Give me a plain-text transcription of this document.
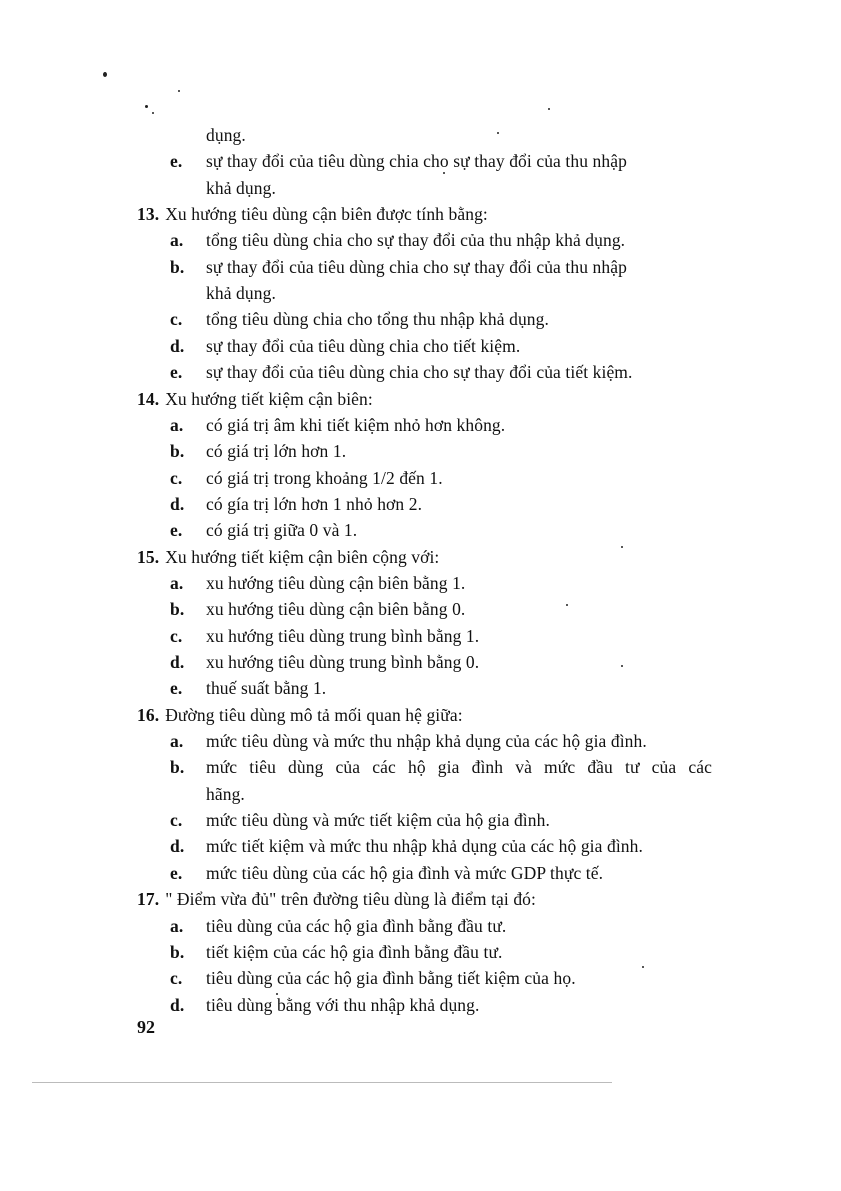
dụng.
e. sự thay đổi của tiêu dùng chia cho sự thay đổi của thu nhập
khả dụng.
13. Xu hướng tiêu dùng cận biên được tính bằng:
a. tổng tiêu dùng chia cho sự thay đổi của thu nhập khả dụng.
b. sự thay đổi của tiêu dùng chia cho sự thay đổi của thu nhập
khả dụng.
c. tổng tiêu dùng chia cho tổng thu nhập khả dụng.
d. sự thay đổi của tiêu dùng chia cho tiết kiệm.
e. sự thay đổi của tiêu dùng chia cho sự thay đổi của tiết kiệm.
14. Xu hướng tiết kiệm cận biên:
a. có giá trị âm khi tiết kiệm nhỏ hơn không.
b. có giá trị lớn hơn 1.
c. có giá trị trong khoảng 1/2 đến 1.
d. có gía trị lớn hơn 1 nhỏ hơn 2.
e. có giá trị giữa 0 và 1.
15. Xu hướng tiết kiệm cận biên cộng với:
a. xu hướng tiêu dùng cận biên bằng 1.
b. xu hướng tiêu dùng cận biên bằng 0.
c. xu hướng tiêu dùng trung bình bằng 1.
d. xu hướng tiêu dùng trung bình bằng 0.
e. thuế suất bằng 1.
16. Đường tiêu dùng mô tả mối quan hệ giữa:
a. mức tiêu dùng và mức thu nhập khả dụng của các hộ gia đình.
b. mức tiêu dùng của các hộ gia đình và mức đầu tư của các
hãng.
c. mức tiêu dùng và mức tiết kiệm của hộ gia đình.
d. mức tiết kiệm và mức thu nhập khả dụng của các hộ gia đình.
e. mức tiêu dùng của các hộ gia đình và mức GDP thực tế.
17. " Điểm vừa đủ" trên đường tiêu dùng là điểm tại đó:
a. tiêu dùng của các hộ gia đình bằng đầu tư.
b. tiết kiệm của các hộ gia đình bằng đầu tư.
c. tiêu dùng của các hộ gia đình bằng tiết kiệm của họ.
d. tiêu dùng bằng với thu nhập khả dụng.
92
